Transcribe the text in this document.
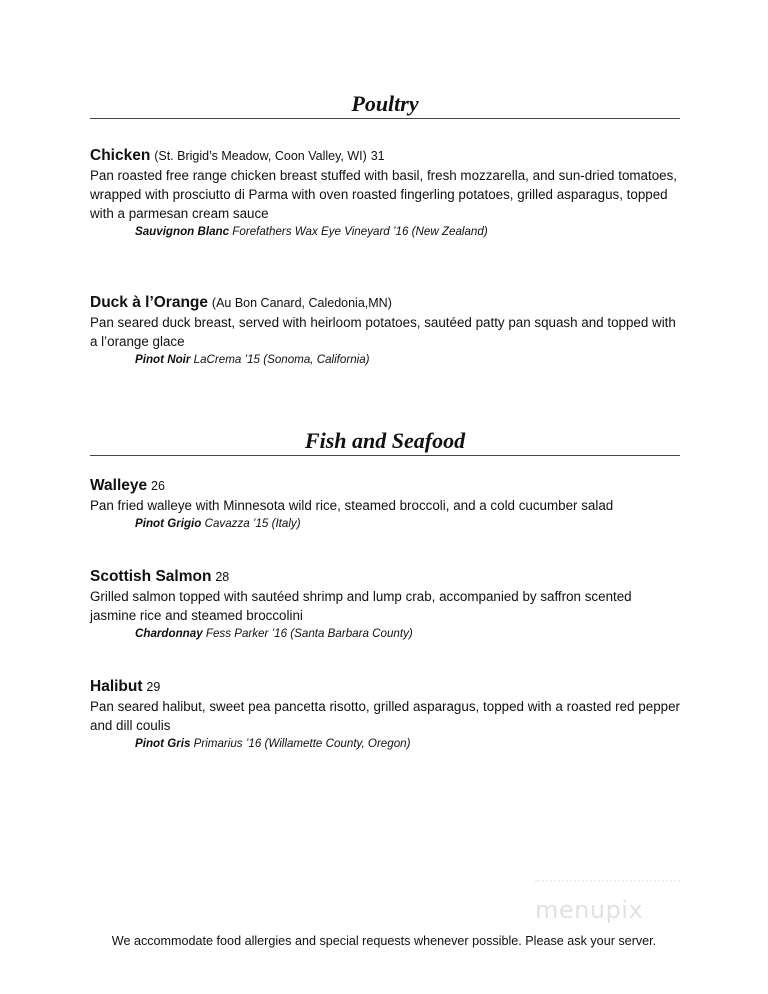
Poultry
Chicken (St. Brigid’s Meadow, Coon Valley, WI) 31

Pan roasted free range chicken breast stuffed with basil, fresh mozzarella, and sun-dried tomatoes, wrapped with prosciutto di Parma with oven roasted fingerling potatoes, grilled asparagus, topped with a parmesan cream sauce

Sauvignon Blanc Forefathers Wax Eye Vineyard ’16 (New Zealand)
Duck à l’Orange (Au Bon Canard, Caledonia,MN)

Pan seared duck breast, served with heirloom potatoes, sautéed patty pan squash and topped with a l’orange glace

Pinot Noir LaCrema ’15 (Sonoma, California)
Fish and Seafood
Walleye 26

Pan fried walleye with Minnesota wild rice, steamed broccoli, and a cold cucumber salad

Pinot Grigio Cavazza ’15 (Italy)
Scottish Salmon 28

Grilled salmon topped with sautéed shrimp and lump crab, accompanied by saffron scented jasmine rice and steamed broccolini

Chardonnay Fess Parker ’16 (Santa Barbara County)
Halibut 29

Pan seared halibut, sweet pea pancetta risotto, grilled asparagus, topped with a roasted red pepper and dill coulis

Pinot Gris Primarius ’16 (Willamette County, Oregon)
menupix
We accommodate food allergies and special requests whenever possible. Please ask your server.
